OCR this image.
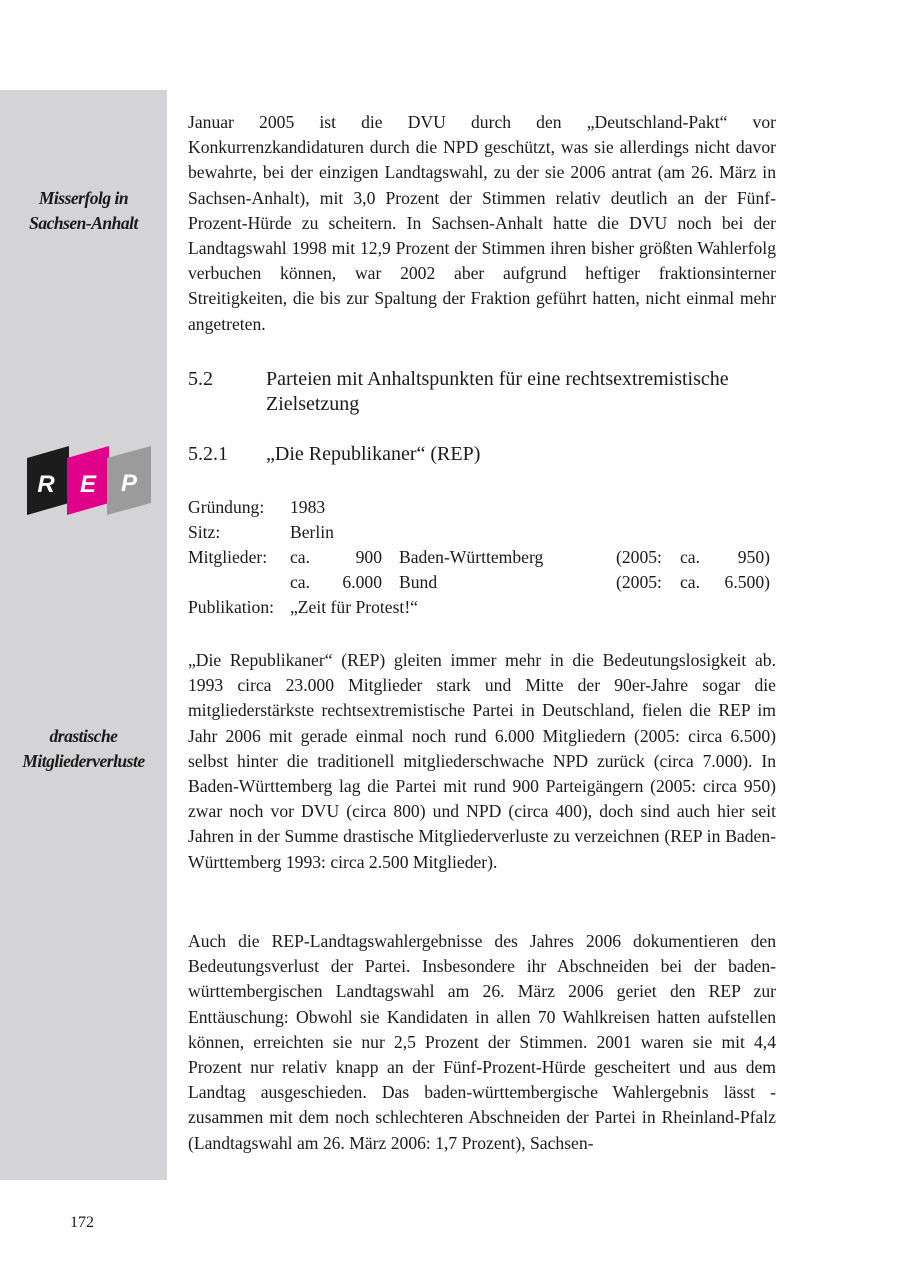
Misserfolg in
Sachsen-Anhalt
R E P
drastische
Mitgliederverluste

Januar 2005 ist die DVU durch den „Deutschland-Pakt“ vor Konkurrenzkandidaturen durch die NPD geschützt, was sie allerdings nicht davor bewahrte, bei der einzigen Landtagswahl, zu der sie 2006 antrat (am 26. März in Sachsen-Anhalt), mit 3,0 Prozent der Stimmen relativ deutlich an der Fünf-Prozent-Hürde zu scheitern. In Sachsen-Anhalt hatte die DVU noch bei der Landtagswahl 1998 mit 12,9 Prozent der Stimmen ihren bisher größten Wahlerfolg verbuchen können, war 2002 aber aufgrund heftiger fraktionsinterner Streitigkeiten, die bis zur Spaltung der Fraktion geführt hatten, nicht einmal mehr angetreten.

5.2	Parteien mit Anhaltspunkten für eine rechtsextremistische Zielsetzung
5.2.1 „Die Republikaner“ (REP)
Gründung: 1983
Sitz:	Berlin
Mitglieder: ca.	900 Baden-Württemberg	(2005: ca.	950)
ca.	6.000 Bund	(2005: ca.	6.500)
Publikation: „Zeit für Protest!“

„Die Republikaner“ (REP) gleiten immer mehr in die Bedeutungslosigkeit ab. 1993 circa 23.000 Mitglieder stark und Mitte der 90er-Jahre sogar die mitgliederstärkste rechtsextremistische Partei in Deutschland, fielen die REP im Jahr 2006 mit gerade einmal noch rund 6.000 Mitgliedern (2005: circa 6.500) selbst hinter die traditionell mitgliederschwache NPD zurück (circa 7.000). In Baden-Württemberg lag die Partei mit rund 900 Parteigängern (2005: circa 950) zwar noch vor DVU (circa 800) und NPD (circa 400), doch sind auch hier seit Jahren in der Summe drastische Mitgliederverluste zu verzeichnen (REP in Baden-Württemberg 1993: circa 2.500 Mitglieder).

Auch die REP-Landtagswahlergebnisse des Jahres 2006 dokumentieren den Bedeutungsverlust der Partei. Insbesondere ihr Abschneiden bei der baden-württembergischen Landtagswahl am 26. März 2006 geriet den REP zur Enttäuschung: Obwohl sie Kandidaten in allen 70 Wahlkreisen hatten aufstellen können, erreichten sie nur 2,5 Prozent der Stimmen. 2001 waren sie mit 4,4 Prozent nur relativ knapp an der Fünf-Prozent-Hürde gescheitert und aus dem Landtag ausgeschieden. Das baden-württembergische Wahlergebnis lässt - zusammen mit dem noch schlechteren Abschneiden der Partei in Rheinland-Pfalz (Landtagswahl am 26. März 2006: 1,7 Prozent), Sachsen-

172
